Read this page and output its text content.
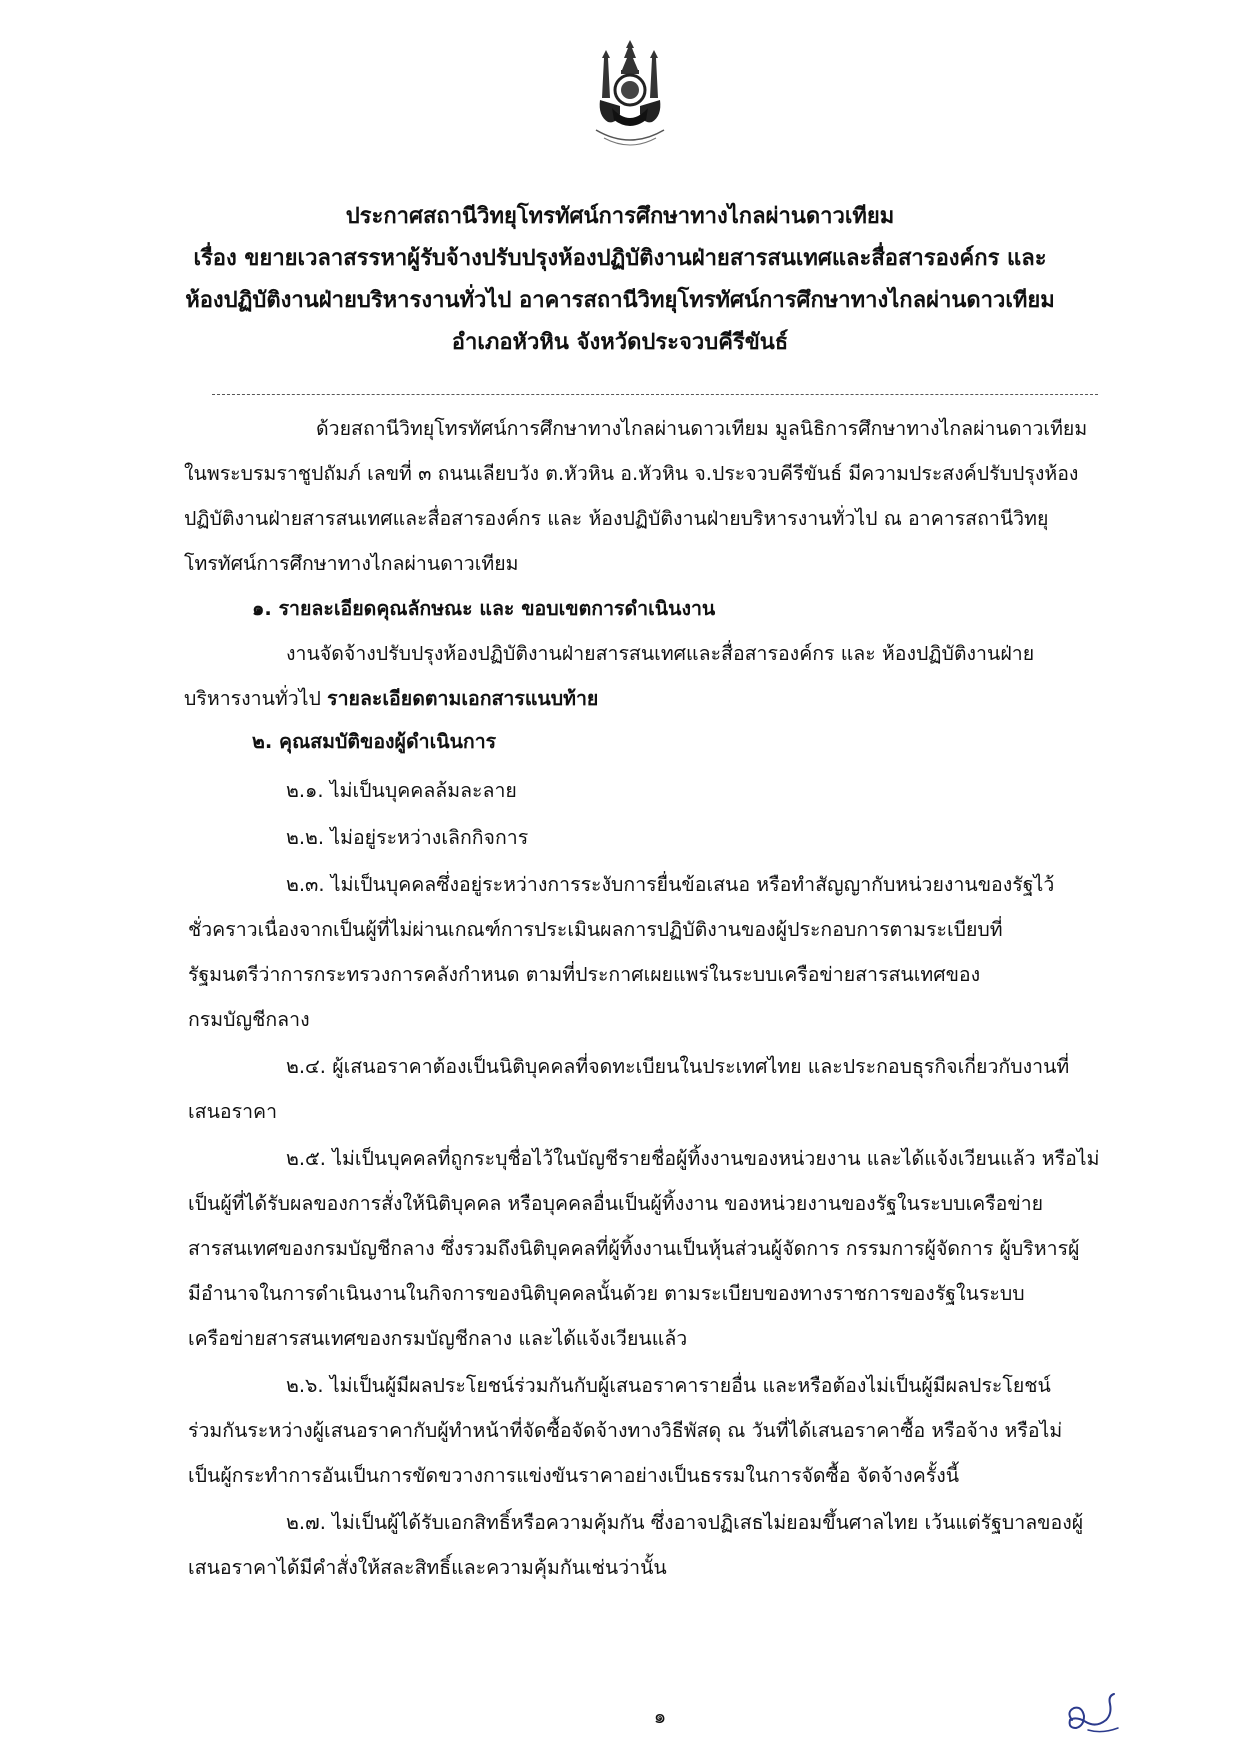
ประกาศสถานีวิทยุโทรทัศน์การศึกษาทางไกลผ่านดาวเทียม
เรื่อง ขยายเวลาสรรหาผู้รับจ้างปรับปรุงห้องปฏิบัติงานฝ่ายสารสนเทศและสื่อสารองค์กร และ
ห้องปฏิบัติงานฝ่ายบริหารงานทั่วไป อาคารสถานีวิทยุโทรทัศน์การศึกษาทางไกลผ่านดาวเทียม
อำเภอหัวหิน จังหวัดประจวบคีรีขันธ์
ด้วยสถานีวิทยุโทรทัศน์การศึกษาทางไกลผ่านดาวเทียม มูลนิธิการศึกษาทางไกลผ่านดาวเทียม
ในพระบรมราชูปถัมภ์ เลขที่ ๓ ถนนเลียบวัง ต.หัวหิน อ.หัวหิน จ.ประจวบคีรีขันธ์ มีความประสงค์ปรับปรุงห้อง
ปฏิบัติงานฝ่ายสารสนเทศและสื่อสารองค์กร และ ห้องปฏิบัติงานฝ่ายบริหารงานทั่วไป ณ อาคารสถานีวิทยุ
โทรทัศน์การศึกษาทางไกลผ่านดาวเทียม
๑. รายละเอียดคุณลักษณะ และ ขอบเขตการดำเนินงาน
งานจัดจ้างปรับปรุงห้องปฏิบัติงานฝ่ายสารสนเทศและสื่อสารองค์กร และ ห้องปฏิบัติงานฝ่าย
บริหารงานทั่วไป รายละเอียดตามเอกสารแนบท้าย
๒. คุณสมบัติของผู้ดำเนินการ
๒.๑. ไม่เป็นบุคคลล้มละลาย
๒.๒. ไม่อยู่ระหว่างเลิกกิจการ
๒.๓. ไม่เป็นบุคคลซึ่งอยู่ระหว่างการระงับการยื่นข้อเสนอ หรือทำสัญญากับหน่วยงานของรัฐไว้
ชั่วคราวเนื่องจากเป็นผู้ที่ไม่ผ่านเกณฑ์การประเมินผลการปฏิบัติงานของผู้ประกอบการตามระเบียบที่
รัฐมนตรีว่าการกระทรวงการคลังกำหนด ตามที่ประกาศเผยแพร่ในระบบเครือข่ายสารสนเทศของ
กรมบัญชีกลาง
๒.๔. ผู้เสนอราคาต้องเป็นนิติบุคคลที่จดทะเบียนในประเทศไทย และประกอบธุรกิจเกี่ยวกับงานที่
เสนอราคา
๒.๕. ไม่เป็นบุคคลที่ถูกระบุชื่อไว้ในบัญชีรายชื่อผู้ทิ้งงานของหน่วยงาน และได้แจ้งเวียนแล้ว หรือไม่
เป็นผู้ที่ได้รับผลของการสั่งให้นิติบุคคล หรือบุคคลอื่นเป็นผู้ทิ้งงาน ของหน่วยงานของรัฐในระบบเครือข่าย
สารสนเทศของกรมบัญชีกลาง ซึ่งรวมถึงนิติบุคคลที่ผู้ทิ้งงานเป็นหุ้นส่วนผู้จัดการ กรรมการผู้จัดการ ผู้บริหารผู้
มีอำนาจในการดำเนินงานในกิจการของนิติบุคคลนั้นด้วย ตามระเบียบของทางราชการของรัฐในระบบ
เครือข่ายสารสนเทศของกรมบัญชีกลาง และได้แจ้งเวียนแล้ว
๒.๖. ไม่เป็นผู้มีผลประโยชน์ร่วมกันกับผู้เสนอราคารายอื่น และหรือต้องไม่เป็นผู้มีผลประโยชน์
ร่วมกันระหว่างผู้เสนอราคากับผู้ทำหน้าที่จัดซื้อจัดจ้างทางวิธีพัสดุ ณ วันที่ได้เสนอราคาซื้อ หรือจ้าง หรือไม่
เป็นผู้กระทำการอันเป็นการขัดขวางการแข่งขันราคาอย่างเป็นธรรมในการจัดซื้อ จัดจ้างครั้งนี้
๒.๗. ไม่เป็นผู้ได้รับเอกสิทธิ์หรือความคุ้มกัน ซึ่งอาจปฏิเสธไม่ยอมขึ้นศาลไทย เว้นแต่รัฐบาลของผู้
เสนอราคาได้มีคำสั่งให้สละสิทธิ์และความคุ้มกันเช่นว่านั้น
๑
